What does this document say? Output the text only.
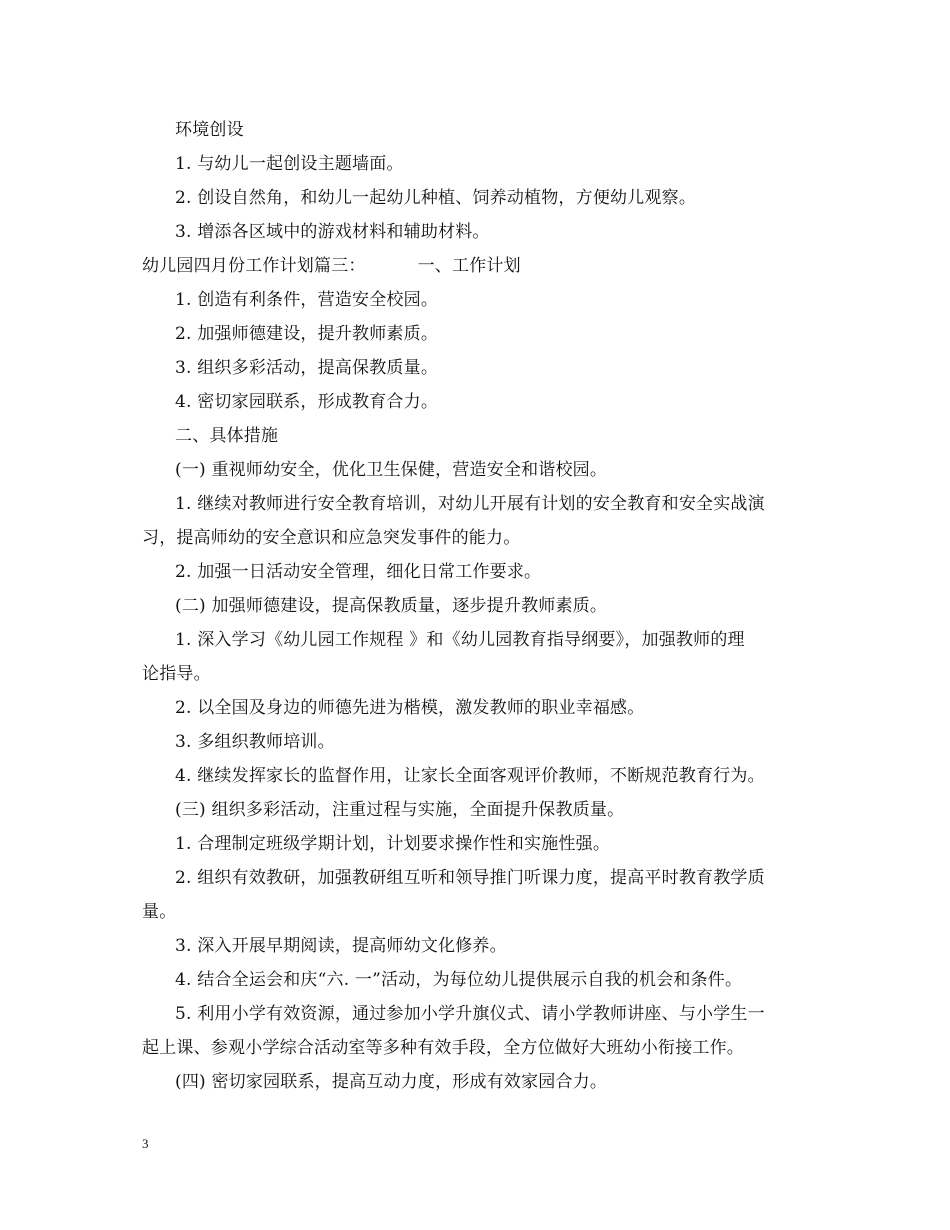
环境创设
1. 与幼儿一起创设主题墙面。
2. 创设自然角，和幼儿一起幼儿种植、饲养动植物，方便幼儿观察。
3. 增添各区域中的游戏材料和辅助材料。
幼儿园四月份工作计划篇三：	一、工作计划
1. 创造有利条件，营造安全校园。
2. 加强师德建设，提升教师素质。
3. 组织多彩活动，提高保教质量。
4. 密切家园联系，形成教育合力。
二、具体措施
(一) 重视师幼安全，优化卫生保健，营造安全和谐校园。
1. 继续对教师进行安全教育培训，对幼儿开展有计划的安全教育和安全实战演
习，提高师幼的安全意识和应急突发事件的能力。
2. 加强一日活动安全管理，细化日常工作要求。
(二) 加强师德建设，提高保教质量，逐步提升教师素质。
1. 深入学习《幼儿园工作规程 》和《幼儿园教育指导纲要》，加强教师的理
论指导。
2. 以全国及身边的师德先进为楷模，激发教师的职业幸福感。
3. 多组织教师培训。
4. 继续发挥家长的监督作用，让家长全面客观评价教师，不断规范教育行为。
(三) 组织多彩活动，注重过程与实施，全面提升保教质量。
1. 合理制定班级学期计划，计划要求操作性和实施性强。
2. 组织有效教研，加强教研组互听和领导推门听课力度，提高平时教育教学质
量。
3. 深入开展早期阅读，提高师幼文化修养。
4. 结合全运会和庆“六. 一”活动，为每位幼儿提供展示自我的机会和条件。
5. 利用小学有效资源，通过参加小学升旗仪式、请小学教师讲座、与小学生一
起上课、参观小学综合活动室等多种有效手段，全方位做好大班幼小衔接工作。
(四) 密切家园联系，提高互动力度，形成有效家园合力。
3
